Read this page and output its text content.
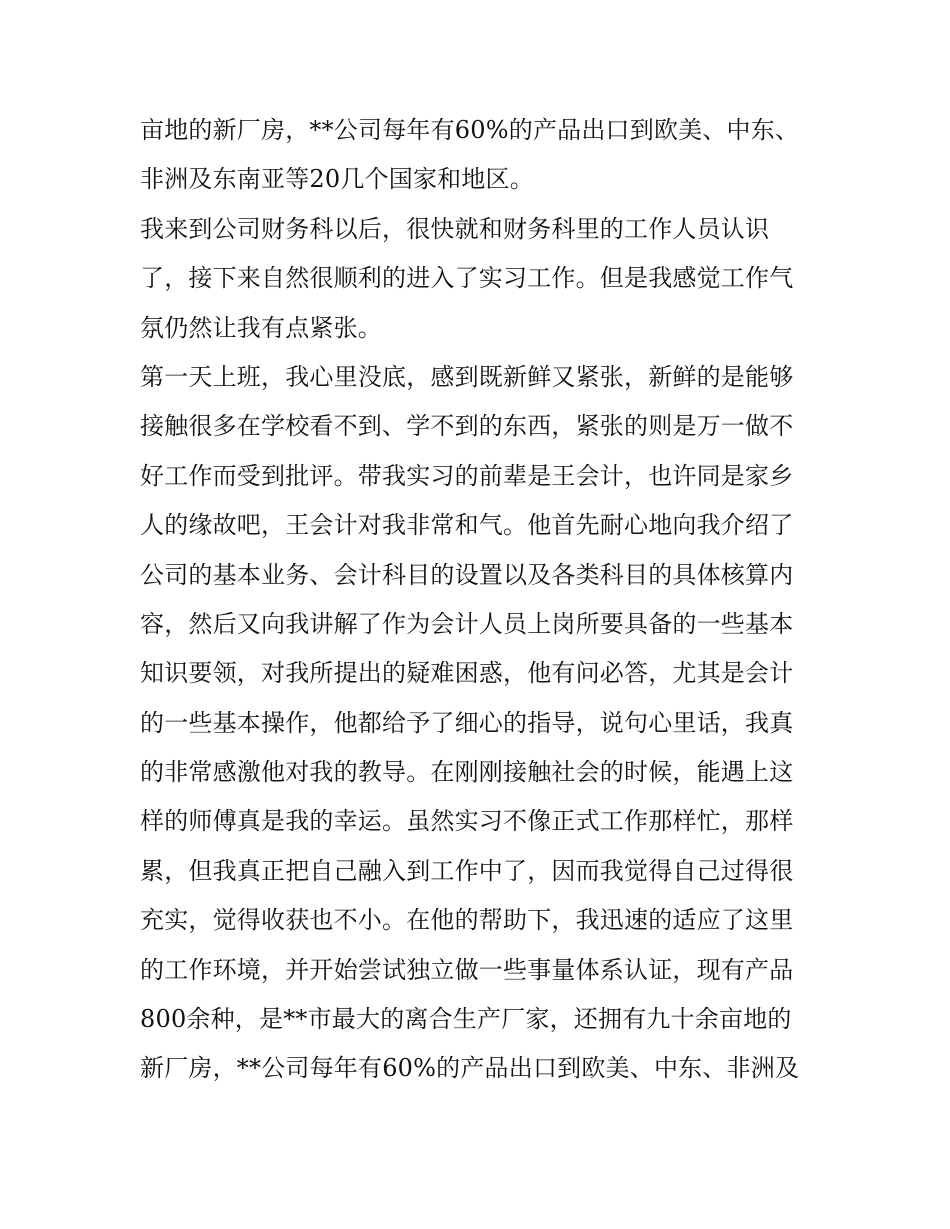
亩地的新厂房，**公司每年有60%的产品出口到欧美、中东、
非洲及东南亚等20几个国家和地区。
我来到公司财务科以后，很快就和财务科里的工作人员认识
了，接下来自然很顺利的进入了实习工作。但是我感觉工作气
氛仍然让我有点紧张。
第一天上班，我心里没底，感到既新鲜又紧张，新鲜的是能够
接触很多在学校看不到、学不到的东西，紧张的则是万一做不
好工作而受到批评。带我实习的前辈是王会计，也许同是家乡
人的缘故吧，王会计对我非常和气。他首先耐心地向我介绍了
公司的基本业务、会计科目的设置以及各类科目的具体核算内
容，然后又向我讲解了作为会计人员上岗所要具备的一些基本
知识要领，对我所提出的疑难困惑，他有问必答，尤其是会计
的一些基本操作，他都给予了细心的指导，说句心里话，我真
的非常感激他对我的教导。在刚刚接触社会的时候，能遇上这
样的师傅真是我的幸运。虽然实习不像正式工作那样忙，那样
累，但我真正把自己融入到工作中了，因而我觉得自己过得很
充实，觉得收获也不小。在他的帮助下，我迅速的适应了这里
的工作环境，并开始尝试独立做一些事量体系认证，现有产品
800余种，是**市最大的离合生产厂家，还拥有九十余亩地的
新厂房，**公司每年有60%的产品出口到欧美、中东、非洲及
